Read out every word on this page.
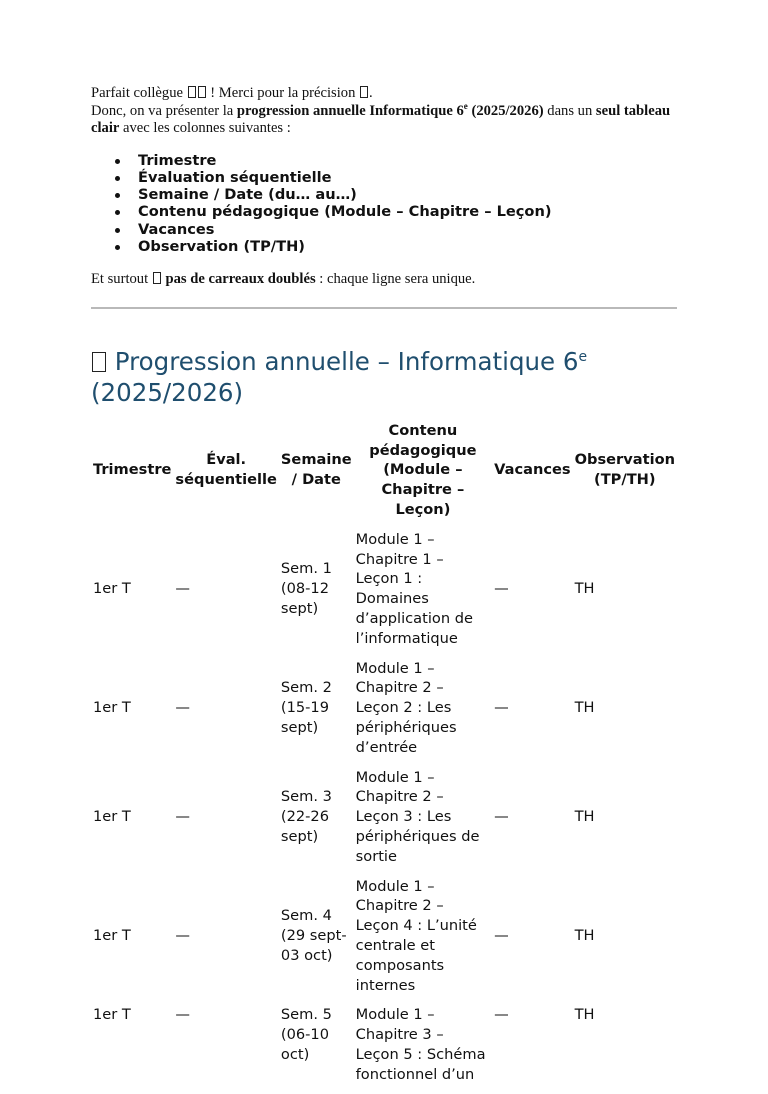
Parfait collègue ! Merci pour la précision .

Donc, on va présenter la progression annuelle Informatique 6e (2025/2026) dans un seul tableau clair avec les colonnes suivantes :

Trimestre
Évaluation séquentielle
Semaine / Date (du… au…)
Contenu pédagogique (Module – Chapitre – Leçon)
Vacances
Observation (TP/TH)

Et surtout pas de carreaux doublés : chaque ligne sera unique.

Progression annuelle – Informatique 6e
(2025/2026)
Trimestre	Éval. séquentielle	Semaine / Date	Contenu pédagogique (Module – Chapitre – Leçon)	Vacances	Observation (TP/TH)
1er T	—	Sem. 1 (08-12 sept)	Module 1 – Chapitre 1 – Leçon 1 : Domaines d’application de l’informatique	—	TH
1er T	—	Sem. 2 (15-19 sept)	Module 1 – Chapitre 2 – Leçon 2 : Les périphériques d’entrée	—	TH
1er T	—	Sem. 3 (22-26 sept)	Module 1 – Chapitre 2 – Leçon 3 : Les périphériques de sortie	—	TH
1er T	—	Sem. 4 (29 sept-03 oct)	Module 1 – Chapitre 2 – Leçon 4 : L’unité centrale et composants internes	—	TH
1er T	—	Sem. 5 (06-10 oct)	Module 1 – Chapitre 3 – Leçon 5 : Schéma fonctionnel d’un	—	TH
